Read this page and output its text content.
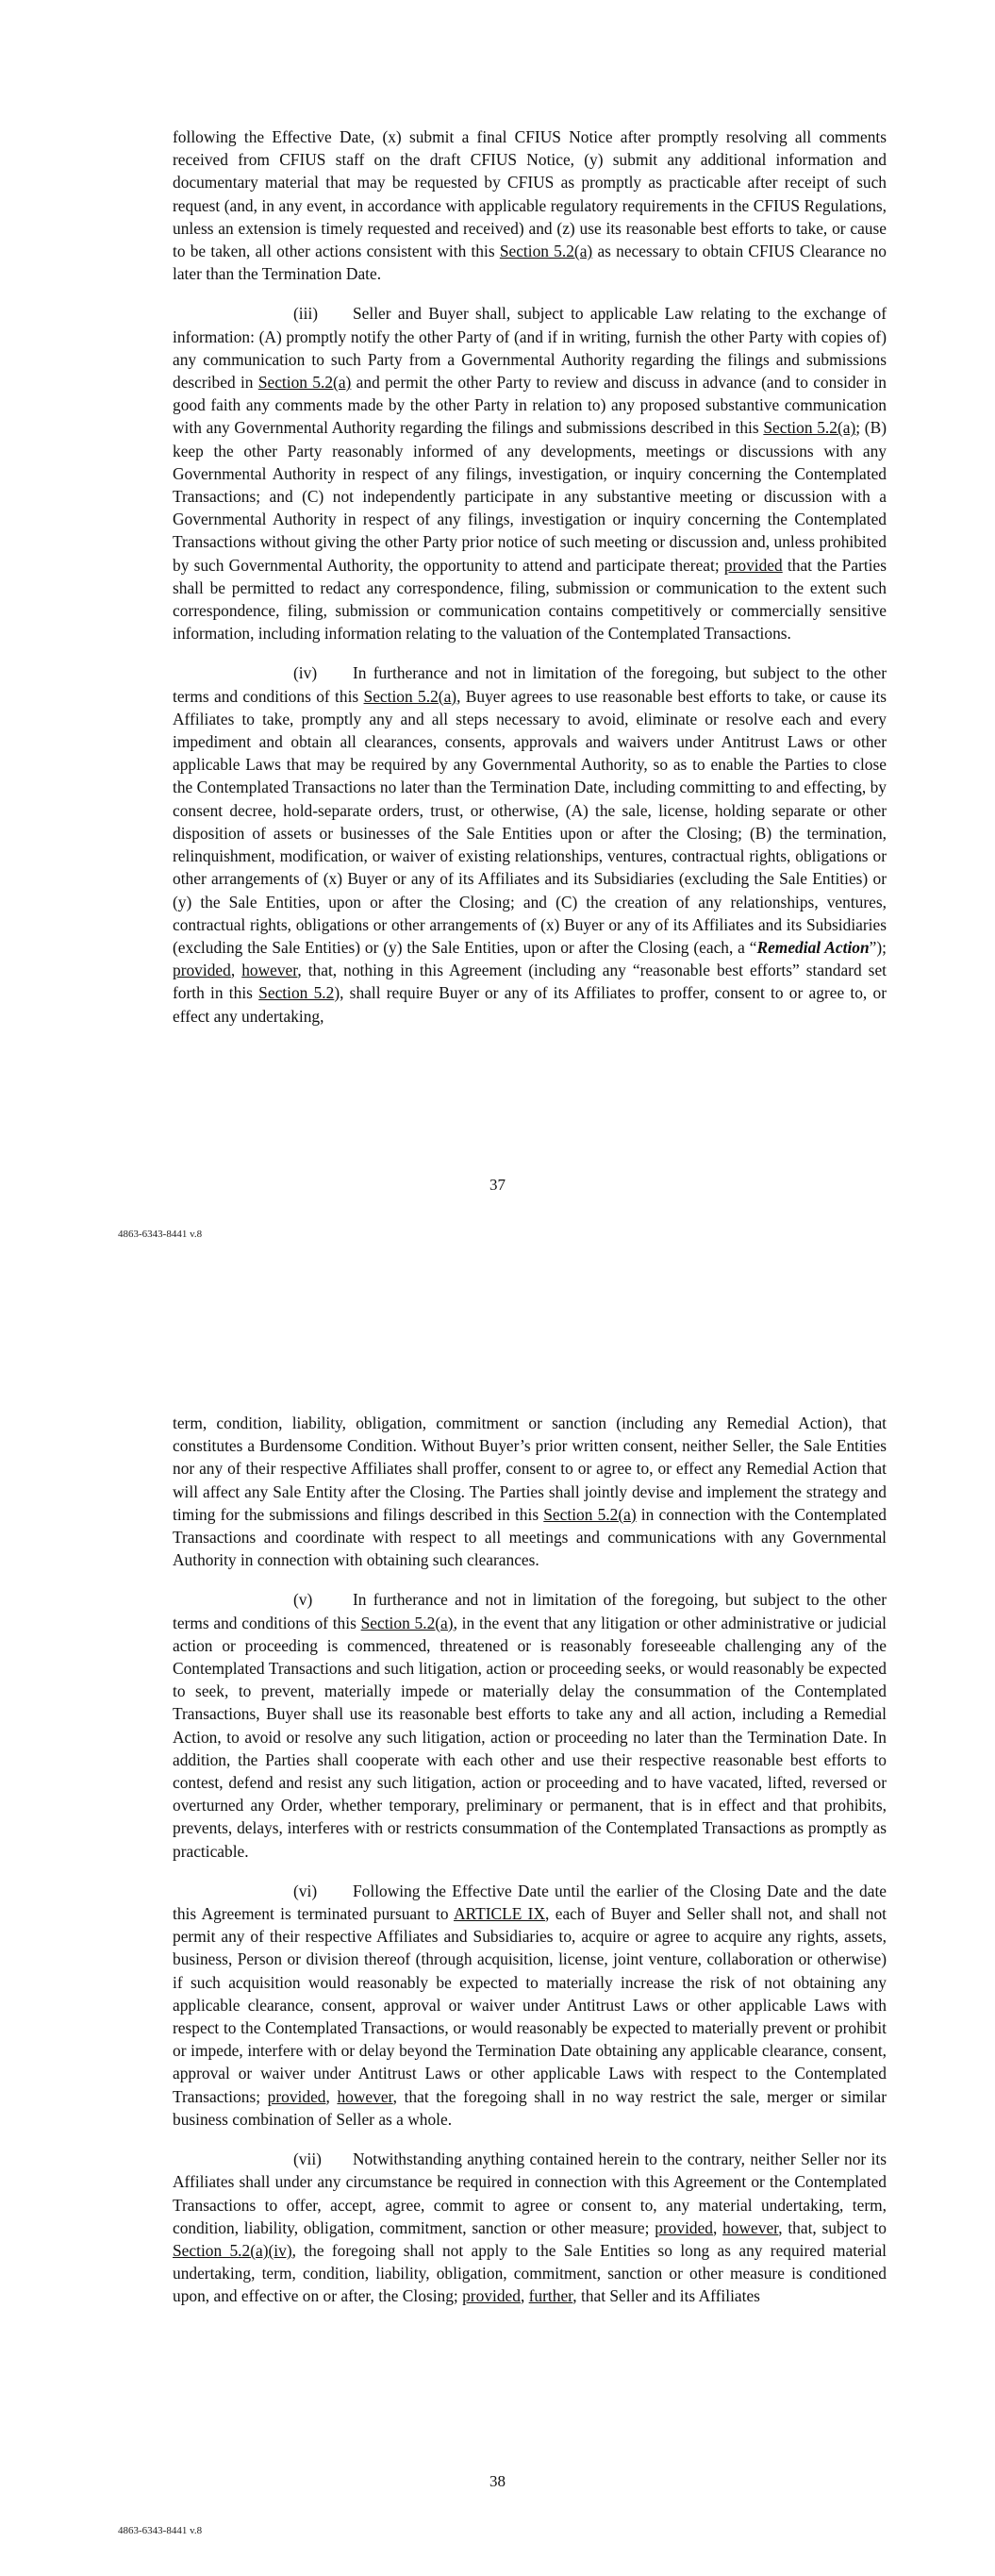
following the Effective Date, (x) submit a final CFIUS Notice after promptly resolving all comments received from CFIUS staff on the draft CFIUS Notice, (y) submit any additional information and documentary material that may be requested by CFIUS as promptly as practicable after receipt of such request (and, in any event, in accordance with applicable regulatory requirements in the CFIUS Regulations, unless an extension is timely requested and received) and (z) use its reasonable best efforts to take, or cause to be taken, all other actions consistent with this Section 5.2(a) as necessary to obtain CFIUS Clearance no later than the Termination Date.

(iii) Seller and Buyer shall, subject to applicable Law relating to the exchange of information: (A) promptly notify the other Party of (and if in writing, furnish the other Party with copies of) any communication to such Party from a Governmental Authority regarding the filings and submissions described in Section 5.2(a) and permit the other Party to review and discuss in advance (and to consider in good faith any comments made by the other Party in relation to) any proposed substantive communication with any Governmental Authority regarding the filings and submissions described in this Section 5.2(a); (B) keep the other Party reasonably informed of any developments, meetings or discussions with any Governmental Authority in respect of any filings, investigation, or inquiry concerning the Contemplated Transactions; and (C) not independently participate in any substantive meeting or discussion with a Governmental Authority in respect of any filings, investigation or inquiry concerning the Contemplated Transactions without giving the other Party prior notice of such meeting or discussion and, unless prohibited by such Governmental Authority, the opportunity to attend and participate thereat; provided that the Parties shall be permitted to redact any correspondence, filing, submission or communication to the extent such correspondence, filing, submission or communication contains competitively or commercially sensitive information, including information relating to the valuation of the Contemplated Transactions.

(iv) In furtherance and not in limitation of the foregoing, but subject to the other terms and conditions of this Section 5.2(a), Buyer agrees to use reasonable best efforts to take, or cause its Affiliates to take, promptly any and all steps necessary to avoid, eliminate or resolve each and every impediment and obtain all clearances, consents, approvals and waivers under Antitrust Laws or other applicable Laws that may be required by any Governmental Authority, so as to enable the Parties to close the Contemplated Transactions no later than the Termination Date, including committing to and effecting, by consent decree, hold-separate orders, trust, or otherwise, (A) the sale, license, holding separate or other disposition of assets or businesses of the Sale Entities upon or after the Closing; (B) the termination, relinquishment, modification, or waiver of existing relationships, ventures, contractual rights, obligations or other arrangements of (x) Buyer or any of its Affiliates and its Subsidiaries (excluding the Sale Entities) or (y) the Sale Entities, upon or after the Closing; and (C) the creation of any relationships, ventures, contractual rights, obligations or other arrangements of (x) Buyer or any of its Affiliates and its Subsidiaries (excluding the Sale Entities) or (y) the Sale Entities, upon or after the Closing (each, a “Remedial Action”); provided, however, that, nothing in this Agreement (including any “reasonable best efforts” standard set forth in this Section 5.2), shall require Buyer or any of its Affiliates to proffer, consent to or agree to, or effect any undertaking,

37
4863-6343-8441 v.8

term, condition, liability, obligation, commitment or sanction (including any Remedial Action), that constitutes a Burdensome Condition. Without Buyer’s prior written consent, neither Seller, the Sale Entities nor any of their respective Affiliates shall proffer, consent to or agree to, or effect any Remedial Action that will affect any Sale Entity after the Closing. The Parties shall jointly devise and implement the strategy and timing for the submissions and filings described in this Section 5.2(a) in connection with the Contemplated Transactions and coordinate with respect to all meetings and communications with any Governmental Authority in connection with obtaining such clearances.

(v) In furtherance and not in limitation of the foregoing, but subject to the other terms and conditions of this Section 5.2(a), in the event that any litigation or other administrative or judicial action or proceeding is commenced, threatened or is reasonably foreseeable challenging any of the Contemplated Transactions and such litigation, action or proceeding seeks, or would reasonably be expected to seek, to prevent, materially impede or materially delay the consummation of the Contemplated Transactions, Buyer shall use its reasonable best efforts to take any and all action, including a Remedial Action, to avoid or resolve any such litigation, action or proceeding no later than the Termination Date. In addition, the Parties shall cooperate with each other and use their respective reasonable best efforts to contest, defend and resist any such litigation, action or proceeding and to have vacated, lifted, reversed or overturned any Order, whether temporary, preliminary or permanent, that is in effect and that prohibits, prevents, delays, interferes with or restricts consummation of the Contemplated Transactions as promptly as practicable.

(vi) Following the Effective Date until the earlier of the Closing Date and the date this Agreement is terminated pursuant to ARTICLE IX, each of Buyer and Seller shall not, and shall not permit any of their respective Affiliates and Subsidiaries to, acquire or agree to acquire any rights, assets, business, Person or division thereof (through acquisition, license, joint venture, collaboration or otherwise) if such acquisition would reasonably be expected to materially increase the risk of not obtaining any applicable clearance, consent, approval or waiver under Antitrust Laws or other applicable Laws with respect to the Contemplated Transactions, or would reasonably be expected to materially prevent or prohibit or impede, interfere with or delay beyond the Termination Date obtaining any applicable clearance, consent, approval or waiver under Antitrust Laws or other applicable Laws with respect to the Contemplated Transactions; provided, however, that the foregoing shall in no way restrict the sale, merger or similar business combination of Seller as a whole.

(vii) Notwithstanding anything contained herein to the contrary, neither Seller nor its Affiliates shall under any circumstance be required in connection with this Agreement or the Contemplated Transactions to offer, accept, agree, commit to agree or consent to, any material undertaking, term, condition, liability, obligation, commitment, sanction or other measure; provided, however, that, subject to Section 5.2(a)(iv), the foregoing shall not apply to the Sale Entities so long as any required material undertaking, term, condition, liability, obligation, commitment, sanction or other measure is conditioned upon, and effective on or after, the Closing; provided, further, that Seller and its Affiliates

38
4863-6343-8441 v.8
